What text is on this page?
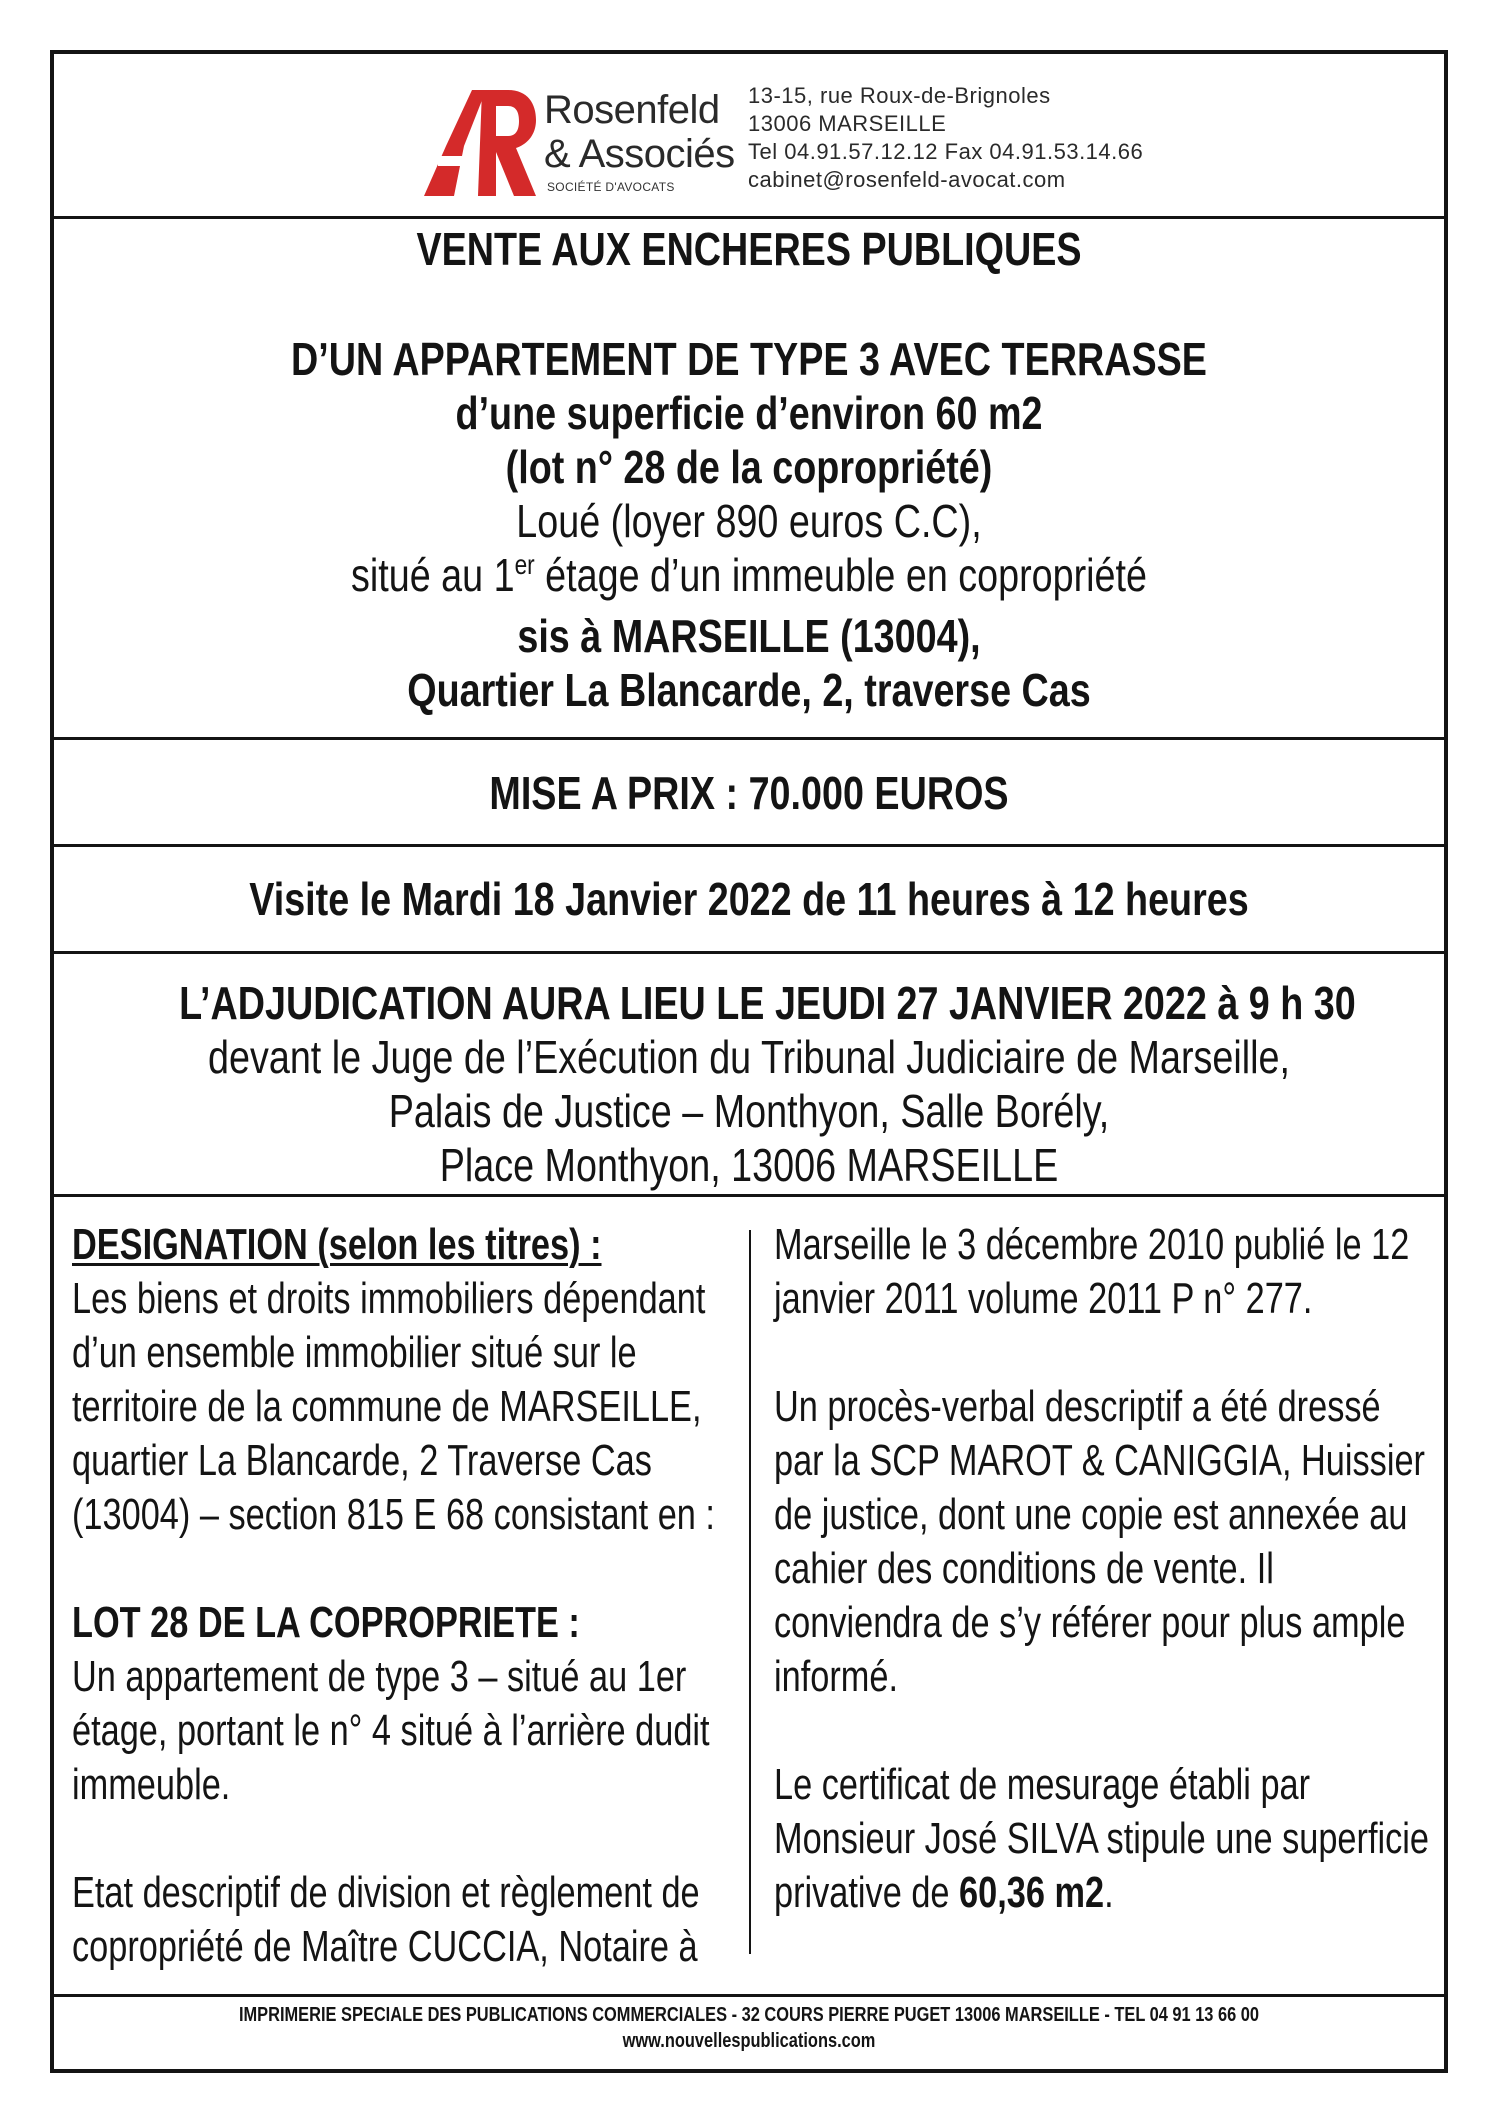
Rosenfeld
& Associés
SOCIÉTÉ D'AVOCATS
13-15, rue Roux-de-Brignoles
13006 MARSEILLE
Tel 04.91.57.12.12 Fax 04.91.53.14.66
cabinet@rosenfeld-avocat.com
VENTE AUX ENCHERES PUBLIQUES
D’UN APPARTEMENT DE TYPE 3 AVEC TERRASSE
d’une superficie d’environ 60 m2
(lot n° 28 de la copropriété)
Loué (loyer 890 euros C.C),
situé au 1er étage d’un immeuble en copropriété
sis à MARSEILLE (13004),
Quartier La Blancarde, 2, traverse Cas
MISE A PRIX : 70.000 EUROS
Visite le Mardi 18 Janvier 2022 de 11 heures à 12 heures
L’ADJUDICATION AURA LIEU LE JEUDI 27 JANVIER 2022 à 9 h 30
devant le Juge de l’Exécution du Tribunal Judiciaire de Marseille,
Palais de Justice – Monthyon, Salle Borély,
Place Monthyon, 13006 MARSEILLE

DESIGNATION (selon les titres) :

Les biens et droits immobiliers dépendant

d’un ensemble immobilier situé sur le

territoire de la commune de MARSEILLE,

quartier La Blancarde, 2 Traverse Cas

(13004) – section 815 E 68 consistant en :

LOT 28 DE LA COPROPRIETE :

Un appartement de type 3 – situé au 1er

étage, portant le n° 4 situé à l’arrière dudit

immeuble.

Etat descriptif de division et règlement de

copropriété de Maître CUCCIA, Notaire à

Marseille le 3 décembre 2010 publié le 12

janvier 2011 volume 2011 P n° 277.

Un procès-verbal descriptif a été dressé

par la SCP MAROT & CANIGGIA, Huissier

de justice, dont une copie est annexée au

cahier des conditions de vente. Il

conviendra de s’y référer pour plus ample

informé.

Le certificat de mesurage établi par

Monsieur José SILVA stipule une superficie

privative de 60,36 m2.

IMPRIMERIE SPECIALE DES PUBLICATIONS COMMERCIALES - 32 COURS PIERRE PUGET 13006 MARSEILLE - TEL 04 91 13 66 00
www.nouvellespublications.com
